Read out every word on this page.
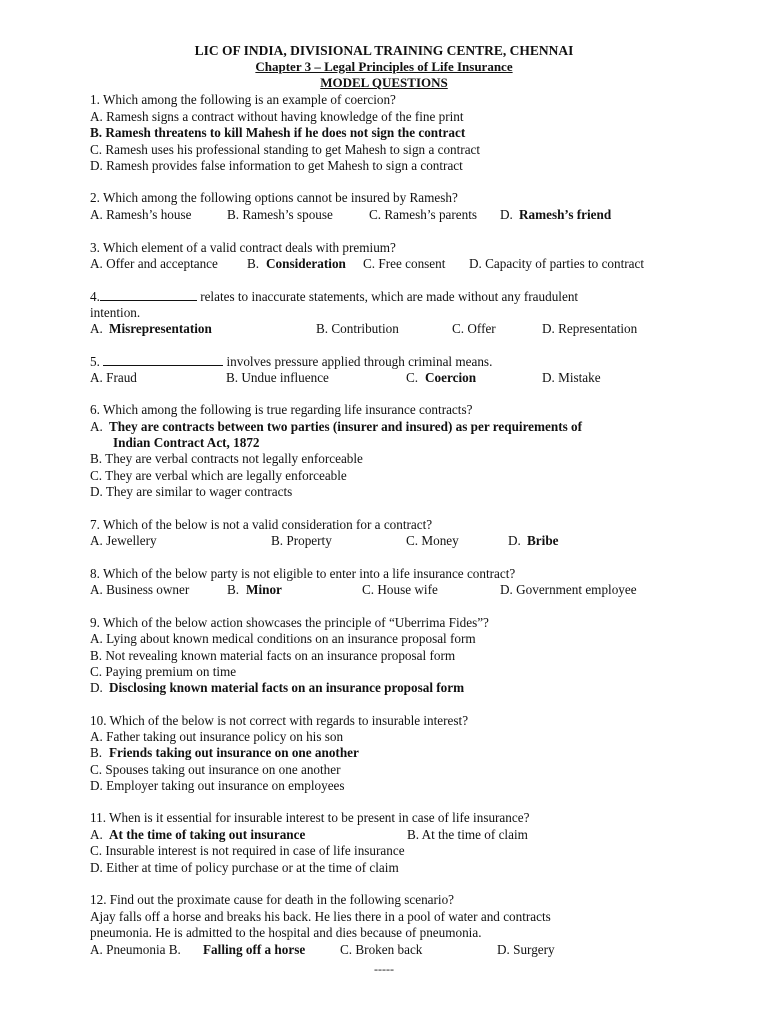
LIC OF INDIA, DIVISIONAL TRAINING CENTRE, CHENNAI
Chapter 3 – Legal Principles of Life Insurance
MODEL QUESTIONS
1. Which among the following is an example of coercion?
A. Ramesh signs a contract without having knowledge of the fine print
B. Ramesh threatens to kill Mahesh if he does not sign the contract
C. Ramesh uses his professional standing to get Mahesh to sign a contract
D. Ramesh provides false information to get Mahesh to sign a contract
2. Which among the following options cannot be insured by Ramesh?
A. Ramesh’s house	B. Ramesh’s spouse	C. Ramesh’s parents D. Ramesh’s friend
3. Which element of a valid contract deals with premium?
A. Offer and acceptance B. Consideration C. Free consent D. Capacity of parties to contract
4.	relates to inaccurate statements, which are made without any fraudulent
intention.
A. Misrepresentation	B. Contribution	C. Offer	D. Representation
5.	involves pressure applied through criminal means.
A. Fraud	B. Undue influence	C. Coercion	D. Mistake
6. Which among the following is true regarding life insurance contracts?
A. They are contracts between two parties (insurer and insured) as per requirements of
Indian Contract Act, 1872
B. They are verbal contracts not legally enforceable
C. They are verbal which are legally enforceable
D. They are similar to wager contracts
7. Which of the below is not a valid consideration for a contract?
A. Jewellery	B. Property	C. Money	D. Bribe
8. Which of the below party is not eligible to enter into a life insurance contract?
A. Business owner	B. Minor	C. House wife	D. Government employee
9. Which of the below action showcases the principle of “Uberrima Fides”?
A. Lying about known medical conditions on an insurance proposal form
B. Not revealing known material facts on an insurance proposal form
C. Paying premium on time
D. Disclosing known material facts on an insurance proposal form
10. Which of the below is not correct with regards to insurable interest?
A. Father taking out insurance policy on his son
B. Friends taking out insurance on one another
C. Spouses taking out insurance on one another
D. Employer taking out insurance on employees
11. When is it essential for insurable interest to be present in case of life insurance?
A. At the time of taking out insurance	B. At the time of claim
C. Insurable interest is not required in case of life insurance
D. Either at time of policy purchase or at the time of claim
12. Find out the proximate cause for death in the following scenario?
Ajay falls off a horse and breaks his back. He lies there in a pool of water and contracts
pneumonia. He is admitted to the hospital and dies because of pneumonia.
A. Pneumonia B. Falling off a horse	C. Broken back	D. Surgery
-----
